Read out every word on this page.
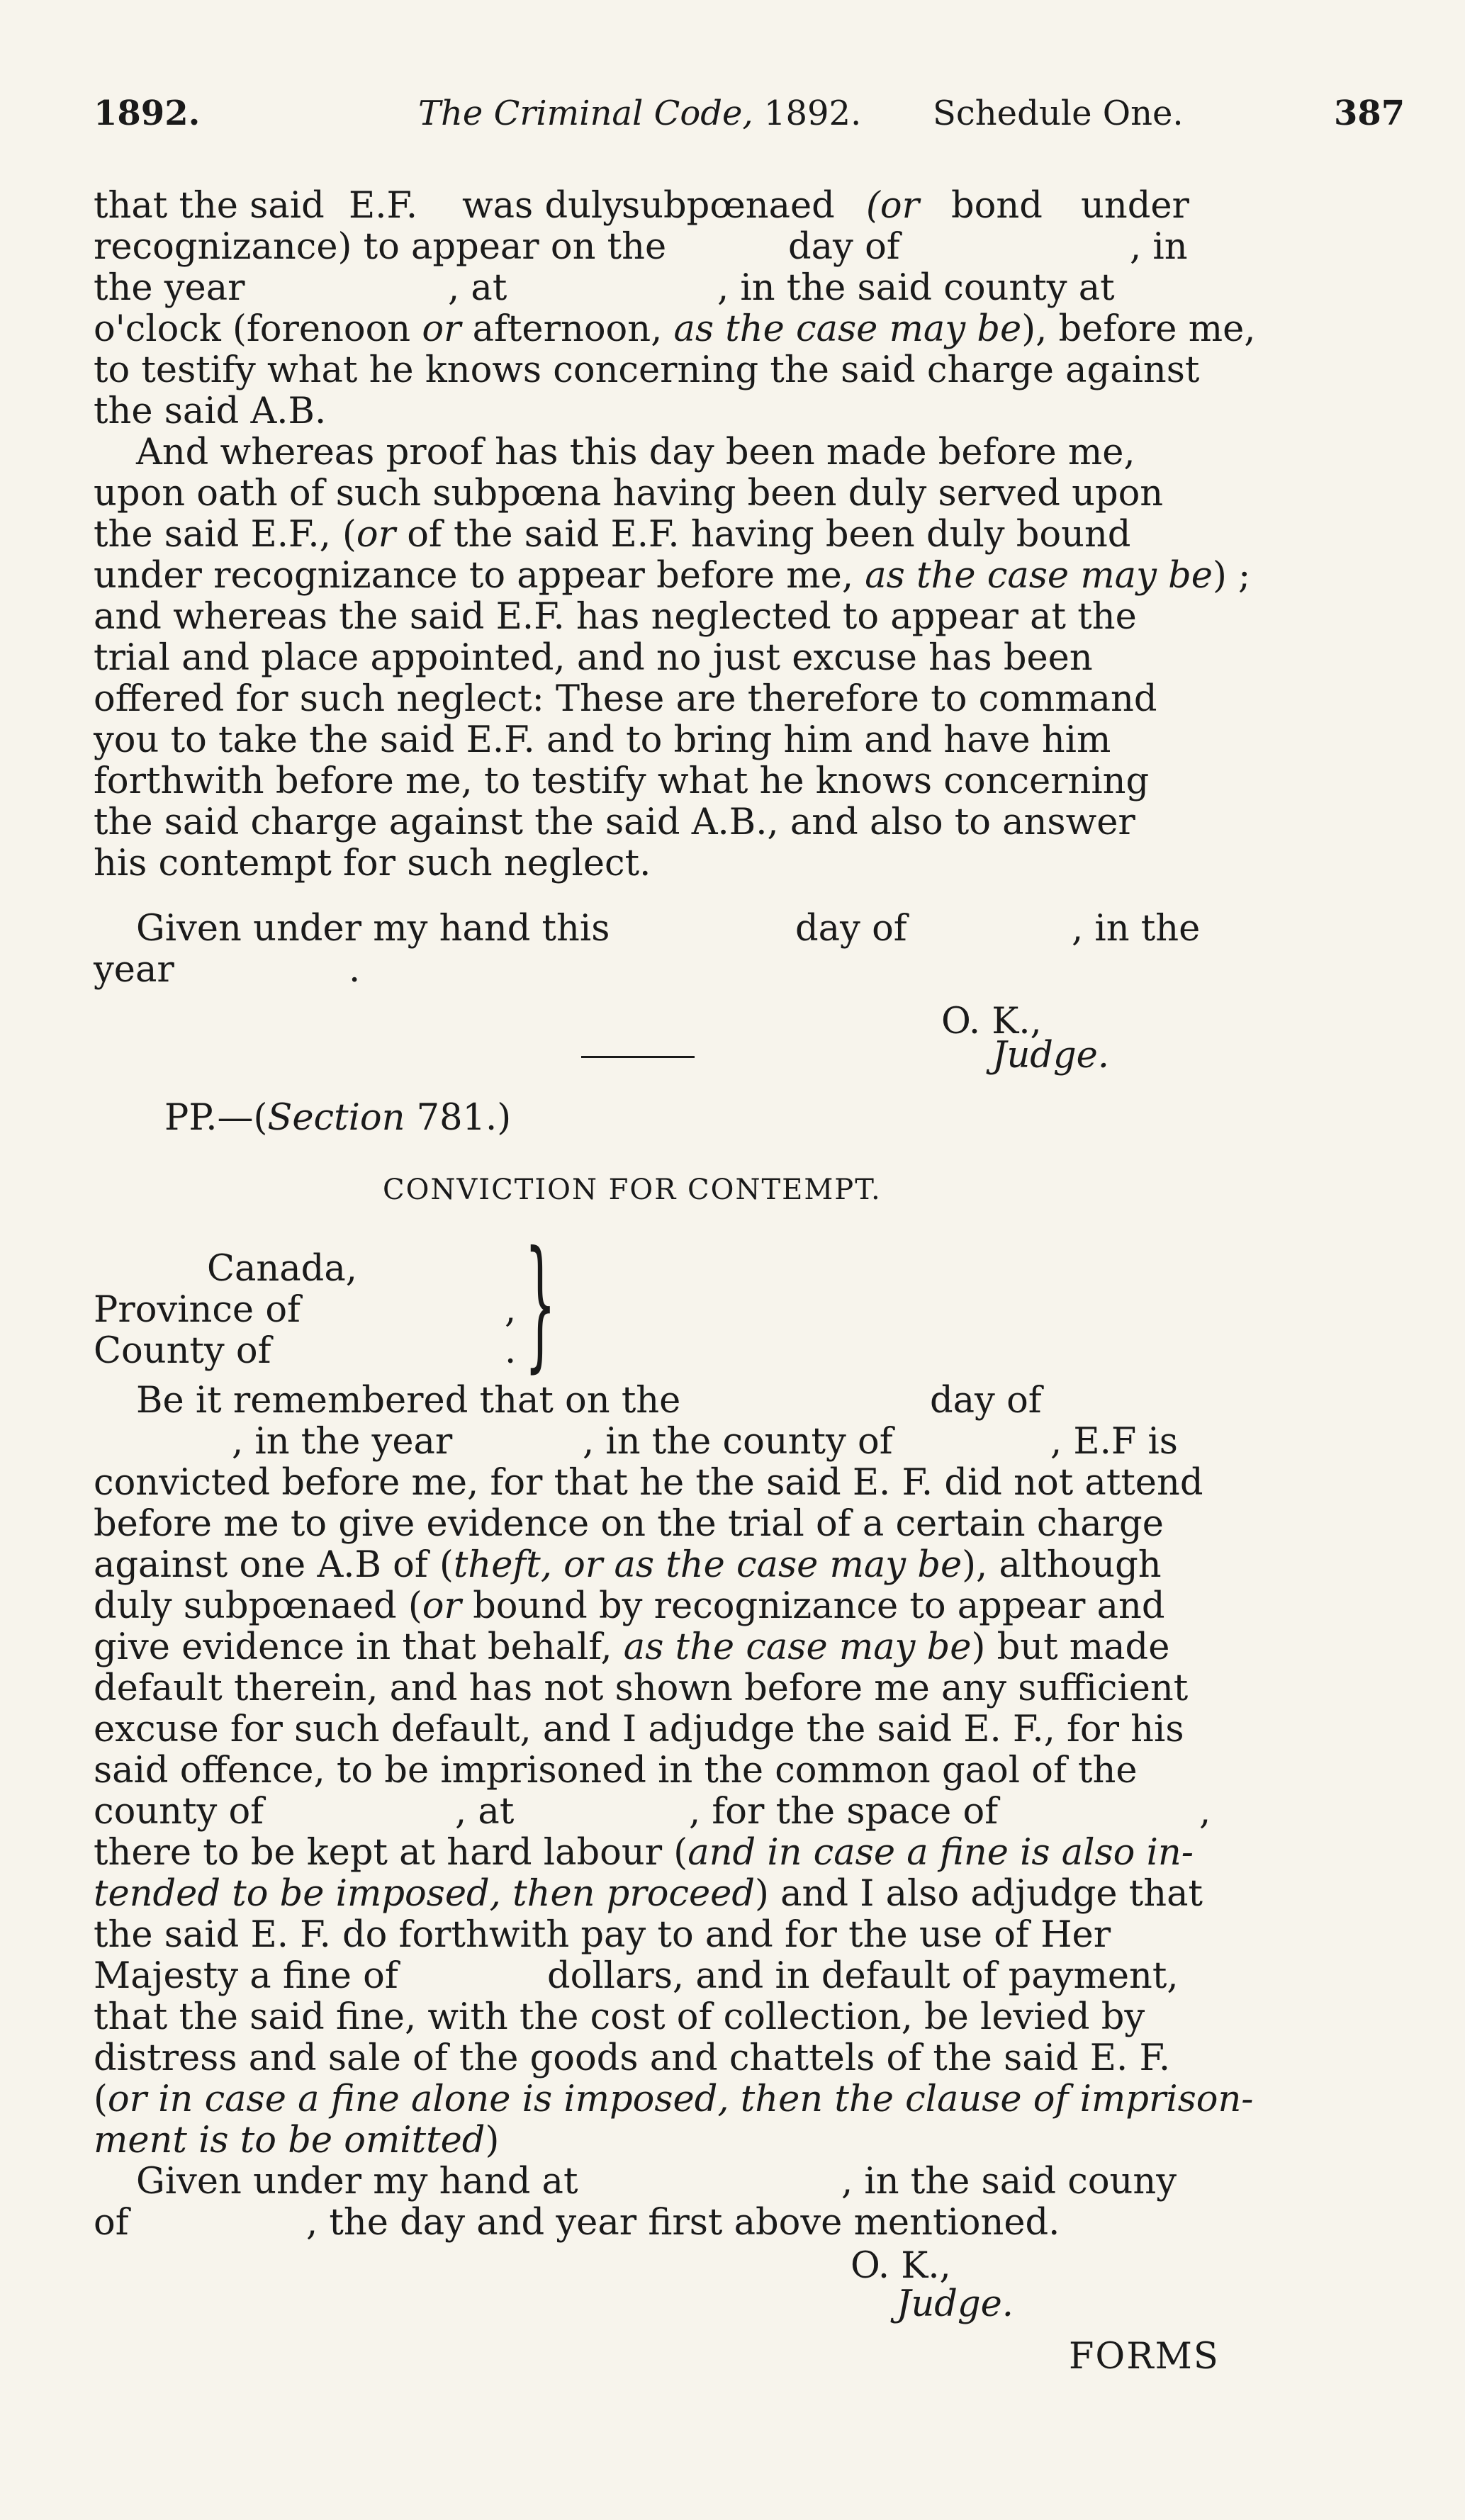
1892.	The Criminal Code, 1892. Schedule One.	387
that the said E.F. was duly
subpœnaed (or bond under
recognizance) to appear on the	day of	, in
the year	, at	, in the said county at
o'clock (forenoon or afternoon, as the case may be), before me,
to testify what he knows concerning the said charge against
the said A.B.
And whereas proof has this day been made before me,
upon oath of such subpœna having been duly served upon
the said E.F., (or of the said E.F. having been duly bound
under recognizance to appear before me, as the case may be) ;
and whereas the said E.F. has neglected to appear at the
trial and place appointed, and no just excuse has been
offered for such neglect: These are therefore to command
you to take the said E.F. and to bring him and have him
forthwith before me, to testify what he knows concerning
the said charge against the said A.B., and also to answer
his contempt for such neglect.
Given under my hand this	day of	, in the
year	.
O. K.,
Judge.
PP.—(Section 781.)
CONVICTION FOR CONTEMPT.
Canada,
Province of	,
County of	. }
Be it remembered that on the	day of
, in the year	, in the county of	, E.F is
convicted before me, for that he the said E. F. did not attend
before me to give evidence on the trial of a certain charge
against one A.B of (theft, or as the case may be), although
duly subpœnaed (or bound by recognizance to appear and
give evidence in that behalf, as the case may be) but made
default therein, and has not shown before me any sufficient
excuse for such default, and I adjudge the said E. F., for his
said offence, to be imprisoned in the common gaol of the
county of	, at	, for the space of	,
there to be kept at hard labour (and in case a fine is also in-
tended to be imposed, then proceed) and I also adjudge that
the said E. F. do forthwith pay to and for the use of Her
Majesty a fine of	dollars, and in default of payment,
that the said fine, with the cost of collection, be levied by
distress and sale of the goods and chattels of the said E. F.
(or in case a fine alone is imposed, then the clause of imprison-
ment is to be omitted)
Given under my hand at	, in the said couny
of	, the day and year first above mentioned.
O. K.,
Judge.
FORMS
